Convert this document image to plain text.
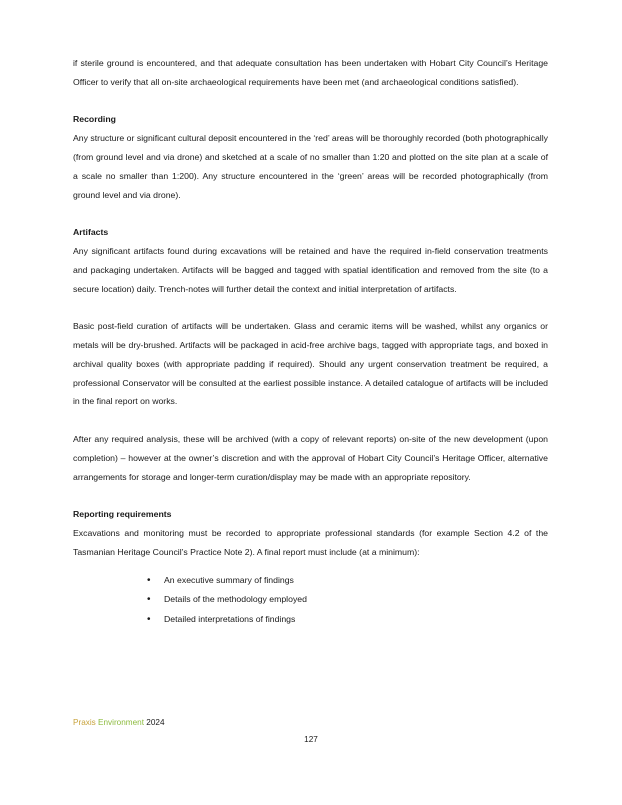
if sterile ground is encountered, and that adequate consultation has been undertaken with Hobart City Council’s Heritage Officer to verify that all on-site archaeological requirements have been met (and archaeological conditions satisfied).

Recording

Any structure or significant cultural deposit encountered in the ‘red’ areas will be thoroughly recorded (both photographically (from ground level and via drone) and sketched at a scale of no smaller than 1:20 and plotted on the site plan at a scale of a scale no smaller than 1:200). Any structure encountered in the ‘green’ areas will be recorded photographically (from ground level and via drone).

Artifacts

Any significant artifacts found during excavations will be retained and have the required in-field conservation treatments and packaging undertaken. Artifacts will be bagged and tagged with spatial identification and removed from the site (to a secure location) daily. Trench-notes will further detail the context and initial interpretation of artifacts.

Basic post-field curation of artifacts will be undertaken. Glass and ceramic items will be washed, whilst any organics or metals will be dry-brushed. Artifacts will be packaged in acid-free archive bags, tagged with appropriate tags, and boxed in archival quality boxes (with appropriate padding if required). Should any urgent conservation treatment be required, a professional Conservator will be consulted at the earliest possible instance. A detailed catalogue of artifacts will be included in the final report on works.

After any required analysis, these will be archived (with a copy of relevant reports) on-site of the new development (upon completion) – however at the owner’s discretion and with the approval of Hobart City Council’s Heritage Officer, alternative arrangements for storage and longer-term curation/display may be made with an appropriate repository.

Reporting requirements

Excavations and monitoring must be recorded to appropriate professional standards (for example Section 4.2 of the Tasmanian Heritage Council’s Practice Note 2). A final report must include (at a minimum):

• An executive summary of findings
• Details of the methodology employed
• Detailed interpretations of findings
Praxis Environment 2024
127
